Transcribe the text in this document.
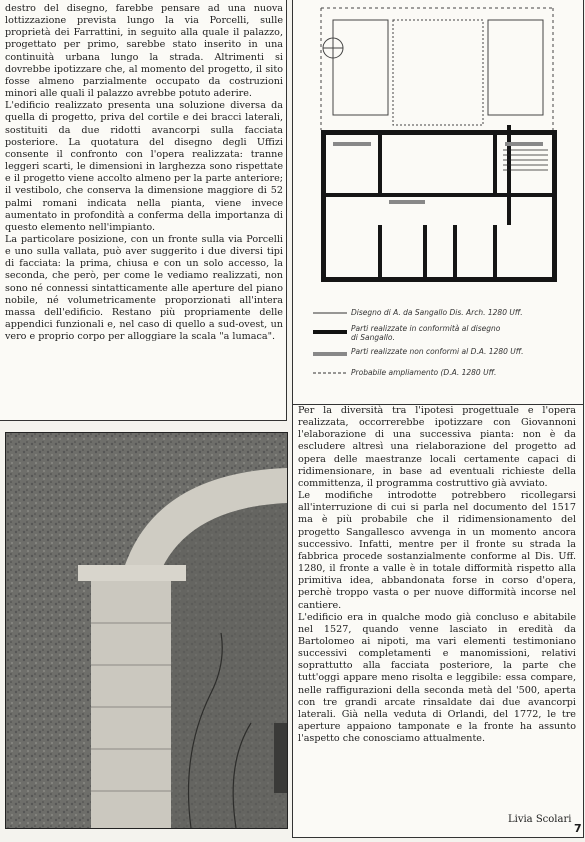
Disegno di A. da Sangallo Dis. Arch. 1280 Uff.
Parti realizzate in conformità al disegno
di Sangallo.
Parti realizzate non conformi al D.A. 1280 Uff.
Probabile ampliamento (D.A. 1280 Uff.

destro del disegno, farebbe pensare ad una nuova lottizzazione prevista lungo la via Porcelli, sulle proprietà dei Farrattini, in seguito alla quale il palazzo, progettato per primo, sarebbe stato inserito in una continuità urbana lungo la strada. Altrimenti si dovrebbe ipotizzare che, al momento del progetto, il sito fosse almeno parzialmente occupato da costruzioni minori alle quali il palazzo avrebbe potuto aderire.

L'edificio realizzato presenta una soluzione diversa da quella di progetto, priva del cortile e dei bracci laterali, sostituiti da due ridotti avancorpi sulla facciata posteriore. La quotatura del disegno degli Uffizi consente il confronto con l'opera realizzata: tranne leggeri scarti, le dimensioni in larghezza sono rispettate e il progetto viene accolto almeno per la parte anteriore; il vestibolo, che conserva la dimensione maggiore di 52 palmi romani indicata nella pianta, viene invece aumentato in profondità a conferma della importanza di questo elemento nell'impianto.

La particolare posizione, con un fronte sulla via Porcelli e uno sulla vallata, può aver suggerito i due diversi tipi di facciata: la prima, chiusa e con un solo accesso, la seconda, che però, per come le vediamo realizzati, non sono né connessi sintatticamente alle aperture del piano nobile, né volumetricamente proporzionati all'intera massa dell'edificio. Restano più propriamente delle appendici funzionali e, nel caso di quello a sud-ovest, un vero e proprio corpo per alloggiare la scala "a lumaca".

Per la diversità tra l'ipotesi progettuale e l'opera realizzata, occorrerebbe ipotizzare con Giovannoni l'elaborazione di una successiva pianta: non è da escludere altresì una rielaborazione del progetto ad opera delle maestranze locali certamente capaci di ridimensionare, in base ad eventuali richieste della committenza, il programma costruttivo già avviato.

Le modifiche introdotte potrebbero ricollegarsi all'interruzione di cui si parla nel documento del 1517 ma è più probabile che il ridimensionamento del progetto Sangallesco avvenga in un momento ancora successivo. Infatti, mentre per il fronte su strada la fabbrica procede sostanzialmente conforme al Dis. Uff. 1280, il fronte a valle è in totale difformità rispetto alla primitiva idea, abbandonata forse in corso d'opera, perchè troppo vasta o per nuove difformità incorse nel cantiere.

L'edificio era in qualche modo già concluso e abitabile nel 1527, quando venne lasciato in eredità da Bartolomeo ai nipoti, ma vari elementi testimoniano successivi completamenti e manomissioni, relativi soprattutto alla facciata posteriore, la parte che tutt'oggi appare meno risolta e leggibile: essa compare, nelle raffigurazioni della seconda metà del '500, aperta con tre grandi arcate rinsaldate dai due avancorpi laterali. Già nella veduta di Orlandi, del 1772, le tre aperture appaiono tamponate e la fronte ha assunto l'aspetto che conosciamo attualmente.

Livia Scolari
7
